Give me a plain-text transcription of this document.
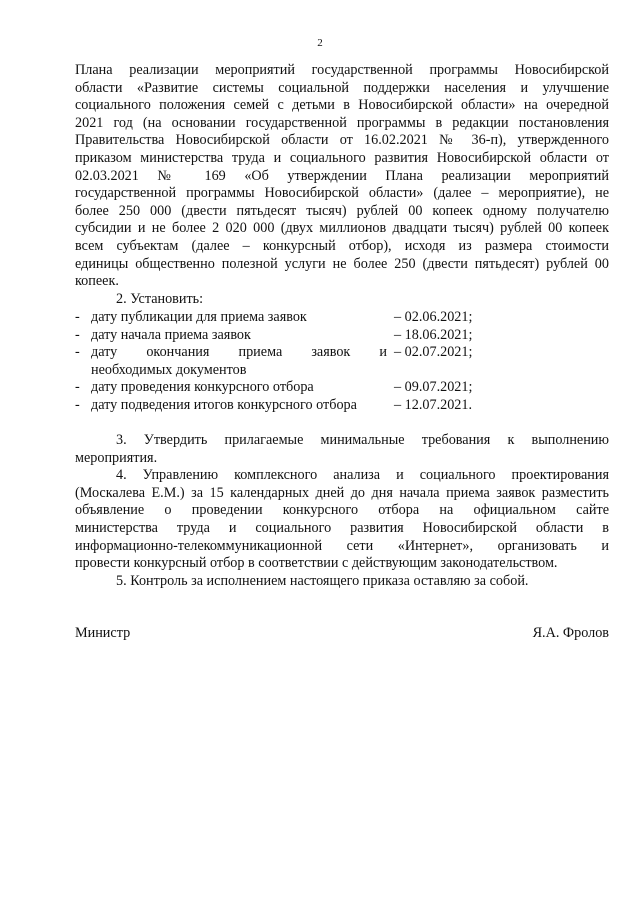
2
Плана реализации мероприятий государственной программы Новосибирской
области «Развитие системы социальной поддержки населения и улучшение
социального положения семей с детьми в Новосибирской области» на очередной
2021 год (на основании государственной программы в редакции постановления
Правительства Новосибирской области от 16.02.2021 № 36-п), утвержденного
приказом министерства труда и социального развития Новосибирской области от
02.03.2021 № 169 «Об утверждении Плана реализации мероприятий
государственной программы Новосибирской области» (далее – мероприятие), не
более 250 000 (двести пятьдесят тысяч) рублей 00 копеек одному получателю
субсидии и не более 2 020 000 (двух миллионов двадцати тысяч) рублей 00 копеек
всем субъектам (далее – конкурсный отбор), исходя из размера стоимости
единицы общественно полезной услуги не более 250 (двести пятьдесят) рублей 00
копеек.
2. Установить:
- дату публикации для приема заявок	– 02.06.2021;
- дату начала приема заявок	– 18.06.2021;
- дату окончания приема заявок и – 02.07.2021;
необходимых документов
- дату проведения конкурсного отбора	– 09.07.2021;
- дату подведения итогов конкурсного отбора	– 12.07.2021.
3. Утвердить прилагаемые минимальные требования к выполнению
мероприятия.
4. Управлению комплексного анализа и социального проектирования
(Москалева Е.М.) за 15 календарных дней до дня начала приема заявок разместить
объявление о проведении конкурсного отбора на официальном сайте
министерства труда и социального развития Новосибирской области в
информационно-телекоммуникационной сети «Интернет», организовать и
провести конкурсный отбор в соответствии с действующим законодательством.
5. Контроль за исполнением настоящего приказа оставляю за собой.
Министр	Я.А. Фролов
